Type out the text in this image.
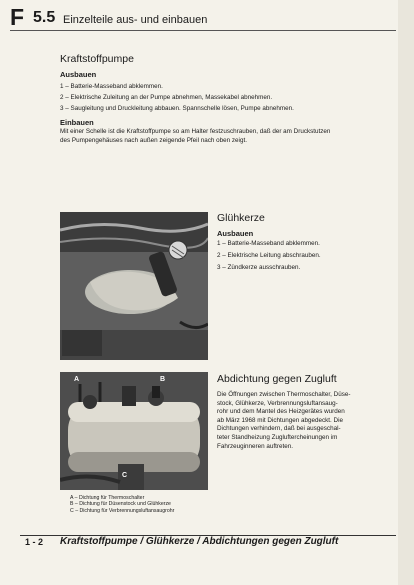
F 5.5 Einzelteile aus- und einbauen
Kraftstoffpumpe
Ausbauen
1 – Batterie-Masseband abklemmen.
2 – Elektrische Zuleitung an der Pumpe abnehmen, Massekabel abnehmen.
3 – Saugleitung und Druckleitung abbauen. Spannschelle lösen, Pumpe abnehmen.
Einbauen
Mit einer Schelle ist die Kraftstoffpumpe so am Halter festzuschrauben, daß der am Druckstutzen
des Pumpengehäuses nach außen zeigende Pfeil nach oben zeigt.
Glühkerze
Ausbauen
1 – Batterie-Masseband abklemmen.
2 – Elektrische Leitung abschrauben.
3 – Zündkerze ausschrauben.
A	B
C
A – Dichtung für Thermoschalter
B – Dichtung für Düsenstock und Glühkerze
C – Dichtung für Verbrennungsluftansaugrohr
Abdichtung gegen Zugluft
Die Öffnungen zwischen Thermoschalter, Düse-
stock, Glühkerze, Verbrennungsluftansaug-
rohr und dem Mantel des Heizgerätes wurden
ab März 1968 mit Dichtungen abgedeckt. Die
Dichtungen verhindern, daß bei ausgeschal-
teter Standheizung Zugluftercheinungen im
Fahrzeuginneren auftreten.
1 - 2 Kraftstoffpumpe / Glühkerze / Abdichtungen gegen Zugluft
